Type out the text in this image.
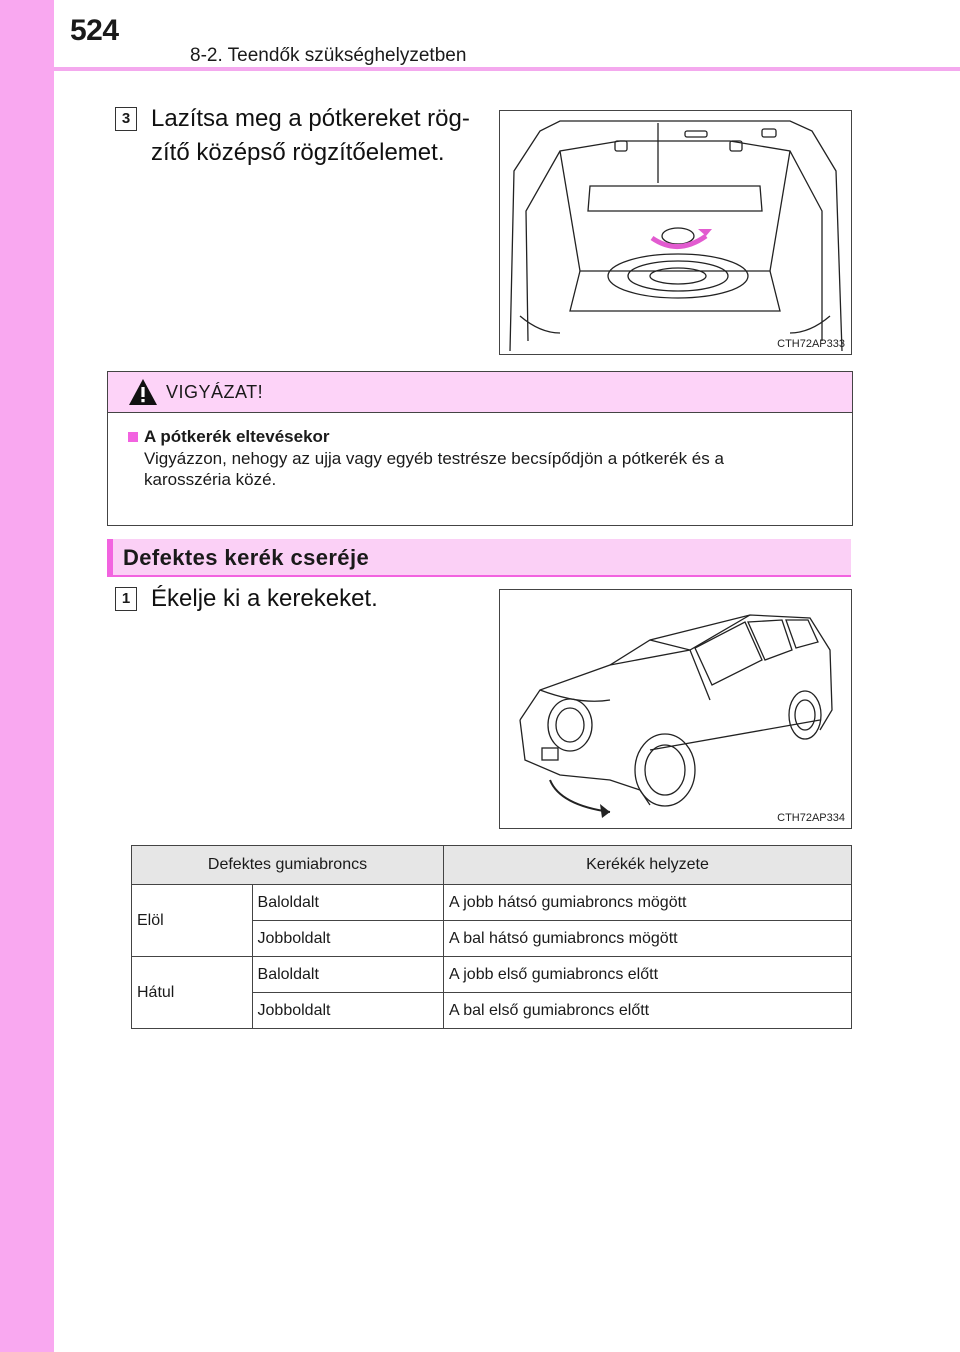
524
8-2. Teendők szükséghelyzetben
3 Lazítsa meg a pótkereket rög-
zítő középső rögzítőelemet.
CTH72AP333
VIGYÁZAT!
A pótkerék eltevésekor
Vigyázzon, nehogy az ujja vagy egyéb testrésze becsípődjön a pótkerék és a
karosszéria közé.
Defektes kerék cseréje
1 Ékelje ki a kerekeket.
CTH72AP334
Defektes gumiabroncs		Kerékék helyzete
Elöl	Baloldalt	A jobb hátsó gumiabroncs mögött
	Jobboldalt	A bal hátsó gumiabroncs mögött
Hátul	Baloldalt	A jobb első gumiabroncs előtt
	Jobboldalt	A bal első gumiabroncs előtt
